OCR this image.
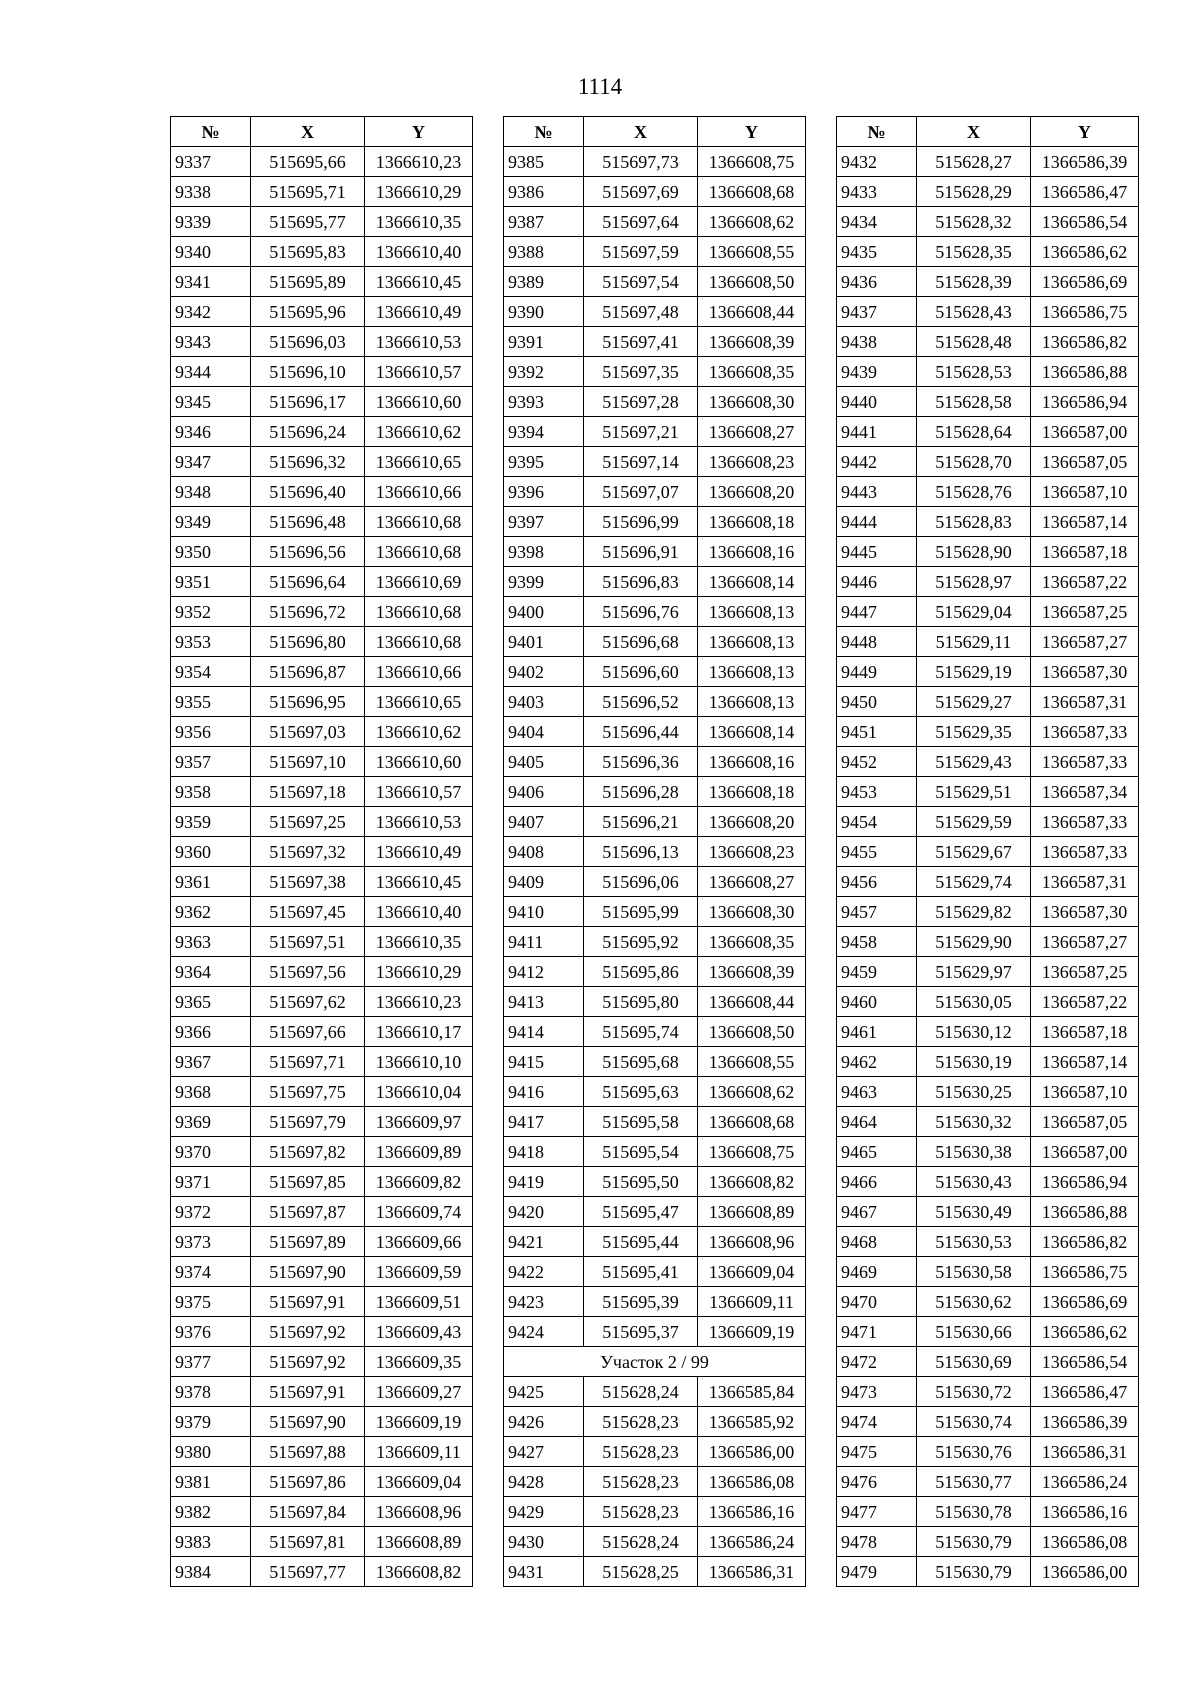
1114
№	X	Y
9337	515695,66	1366610,23
9338	515695,71	1366610,29
9339	515695,77	1366610,35
9340	515695,83	1366610,40
9341	515695,89	1366610,45
9342	515695,96	1366610,49
9343	515696,03	1366610,53
9344	515696,10	1366610,57
9345	515696,17	1366610,60
9346	515696,24	1366610,62
9347	515696,32	1366610,65
9348	515696,40	1366610,66
9349	515696,48	1366610,68
9350	515696,56	1366610,68
9351	515696,64	1366610,69
9352	515696,72	1366610,68
9353	515696,80	1366610,68
9354	515696,87	1366610,66
9355	515696,95	1366610,65
9356	515697,03	1366610,62
9357	515697,10	1366610,60
9358	515697,18	1366610,57
9359	515697,25	1366610,53
9360	515697,32	1366610,49
9361	515697,38	1366610,45
9362	515697,45	1366610,40
9363	515697,51	1366610,35
9364	515697,56	1366610,29
9365	515697,62	1366610,23
9366	515697,66	1366610,17
9367	515697,71	1366610,10
9368	515697,75	1366610,04
9369	515697,79	1366609,97
9370	515697,82	1366609,89
9371	515697,85	1366609,82
9372	515697,87	1366609,74
9373	515697,89	1366609,66
9374	515697,90	1366609,59
9375	515697,91	1366609,51
9376	515697,92	1366609,43
9377	515697,92	1366609,35
9378	515697,91	1366609,27
9379	515697,90	1366609,19
9380	515697,88	1366609,11
9381	515697,86	1366609,04
9382	515697,84	1366608,96
9383	515697,81	1366608,89
9384	515697,77	1366608,82
№	X	Y
9385	515697,73	1366608,75
9386	515697,69	1366608,68
9387	515697,64	1366608,62
9388	515697,59	1366608,55
9389	515697,54	1366608,50
9390	515697,48	1366608,44
9391	515697,41	1366608,39
9392	515697,35	1366608,35
9393	515697,28	1366608,30
9394	515697,21	1366608,27
9395	515697,14	1366608,23
9396	515697,07	1366608,20
9397	515696,99	1366608,18
9398	515696,91	1366608,16
9399	515696,83	1366608,14
9400	515696,76	1366608,13
9401	515696,68	1366608,13
9402	515696,60	1366608,13
9403	515696,52	1366608,13
9404	515696,44	1366608,14
9405	515696,36	1366608,16
9406	515696,28	1366608,18
9407	515696,21	1366608,20
9408	515696,13	1366608,23
9409	515696,06	1366608,27
9410	515695,99	1366608,30
9411	515695,92	1366608,35
9412	515695,86	1366608,39
9413	515695,80	1366608,44
9414	515695,74	1366608,50
9415	515695,68	1366608,55
9416	515695,63	1366608,62
9417	515695,58	1366608,68
9418	515695,54	1366608,75
9419	515695,50	1366608,82
9420	515695,47	1366608,89
9421	515695,44	1366608,96
9422	515695,41	1366609,04
9423	515695,39	1366609,11
9424	515695,37	1366609,19
Участок 2 / 99		
9425	515628,24	1366585,84
9426	515628,23	1366585,92
9427	515628,23	1366586,00
9428	515628,23	1366586,08
9429	515628,23	1366586,16
9430	515628,24	1366586,24
9431	515628,25	1366586,31
№	X	Y
9432	515628,27	1366586,39
9433	515628,29	1366586,47
9434	515628,32	1366586,54
9435	515628,35	1366586,62
9436	515628,39	1366586,69
9437	515628,43	1366586,75
9438	515628,48	1366586,82
9439	515628,53	1366586,88
9440	515628,58	1366586,94
9441	515628,64	1366587,00
9442	515628,70	1366587,05
9443	515628,76	1366587,10
9444	515628,83	1366587,14
9445	515628,90	1366587,18
9446	515628,97	1366587,22
9447	515629,04	1366587,25
9448	515629,11	1366587,27
9449	515629,19	1366587,30
9450	515629,27	1366587,31
9451	515629,35	1366587,33
9452	515629,43	1366587,33
9453	515629,51	1366587,34
9454	515629,59	1366587,33
9455	515629,67	1366587,33
9456	515629,74	1366587,31
9457	515629,82	1366587,30
9458	515629,90	1366587,27
9459	515629,97	1366587,25
9460	515630,05	1366587,22
9461	515630,12	1366587,18
9462	515630,19	1366587,14
9463	515630,25	1366587,10
9464	515630,32	1366587,05
9465	515630,38	1366587,00
9466	515630,43	1366586,94
9467	515630,49	1366586,88
9468	515630,53	1366586,82
9469	515630,58	1366586,75
9470	515630,62	1366586,69
9471	515630,66	1366586,62
9472	515630,69	1366586,54
9473	515630,72	1366586,47
9474	515630,74	1366586,39
9475	515630,76	1366586,31
9476	515630,77	1366586,24
9477	515630,78	1366586,16
9478	515630,79	1366586,08
9479	515630,79	1366586,00
